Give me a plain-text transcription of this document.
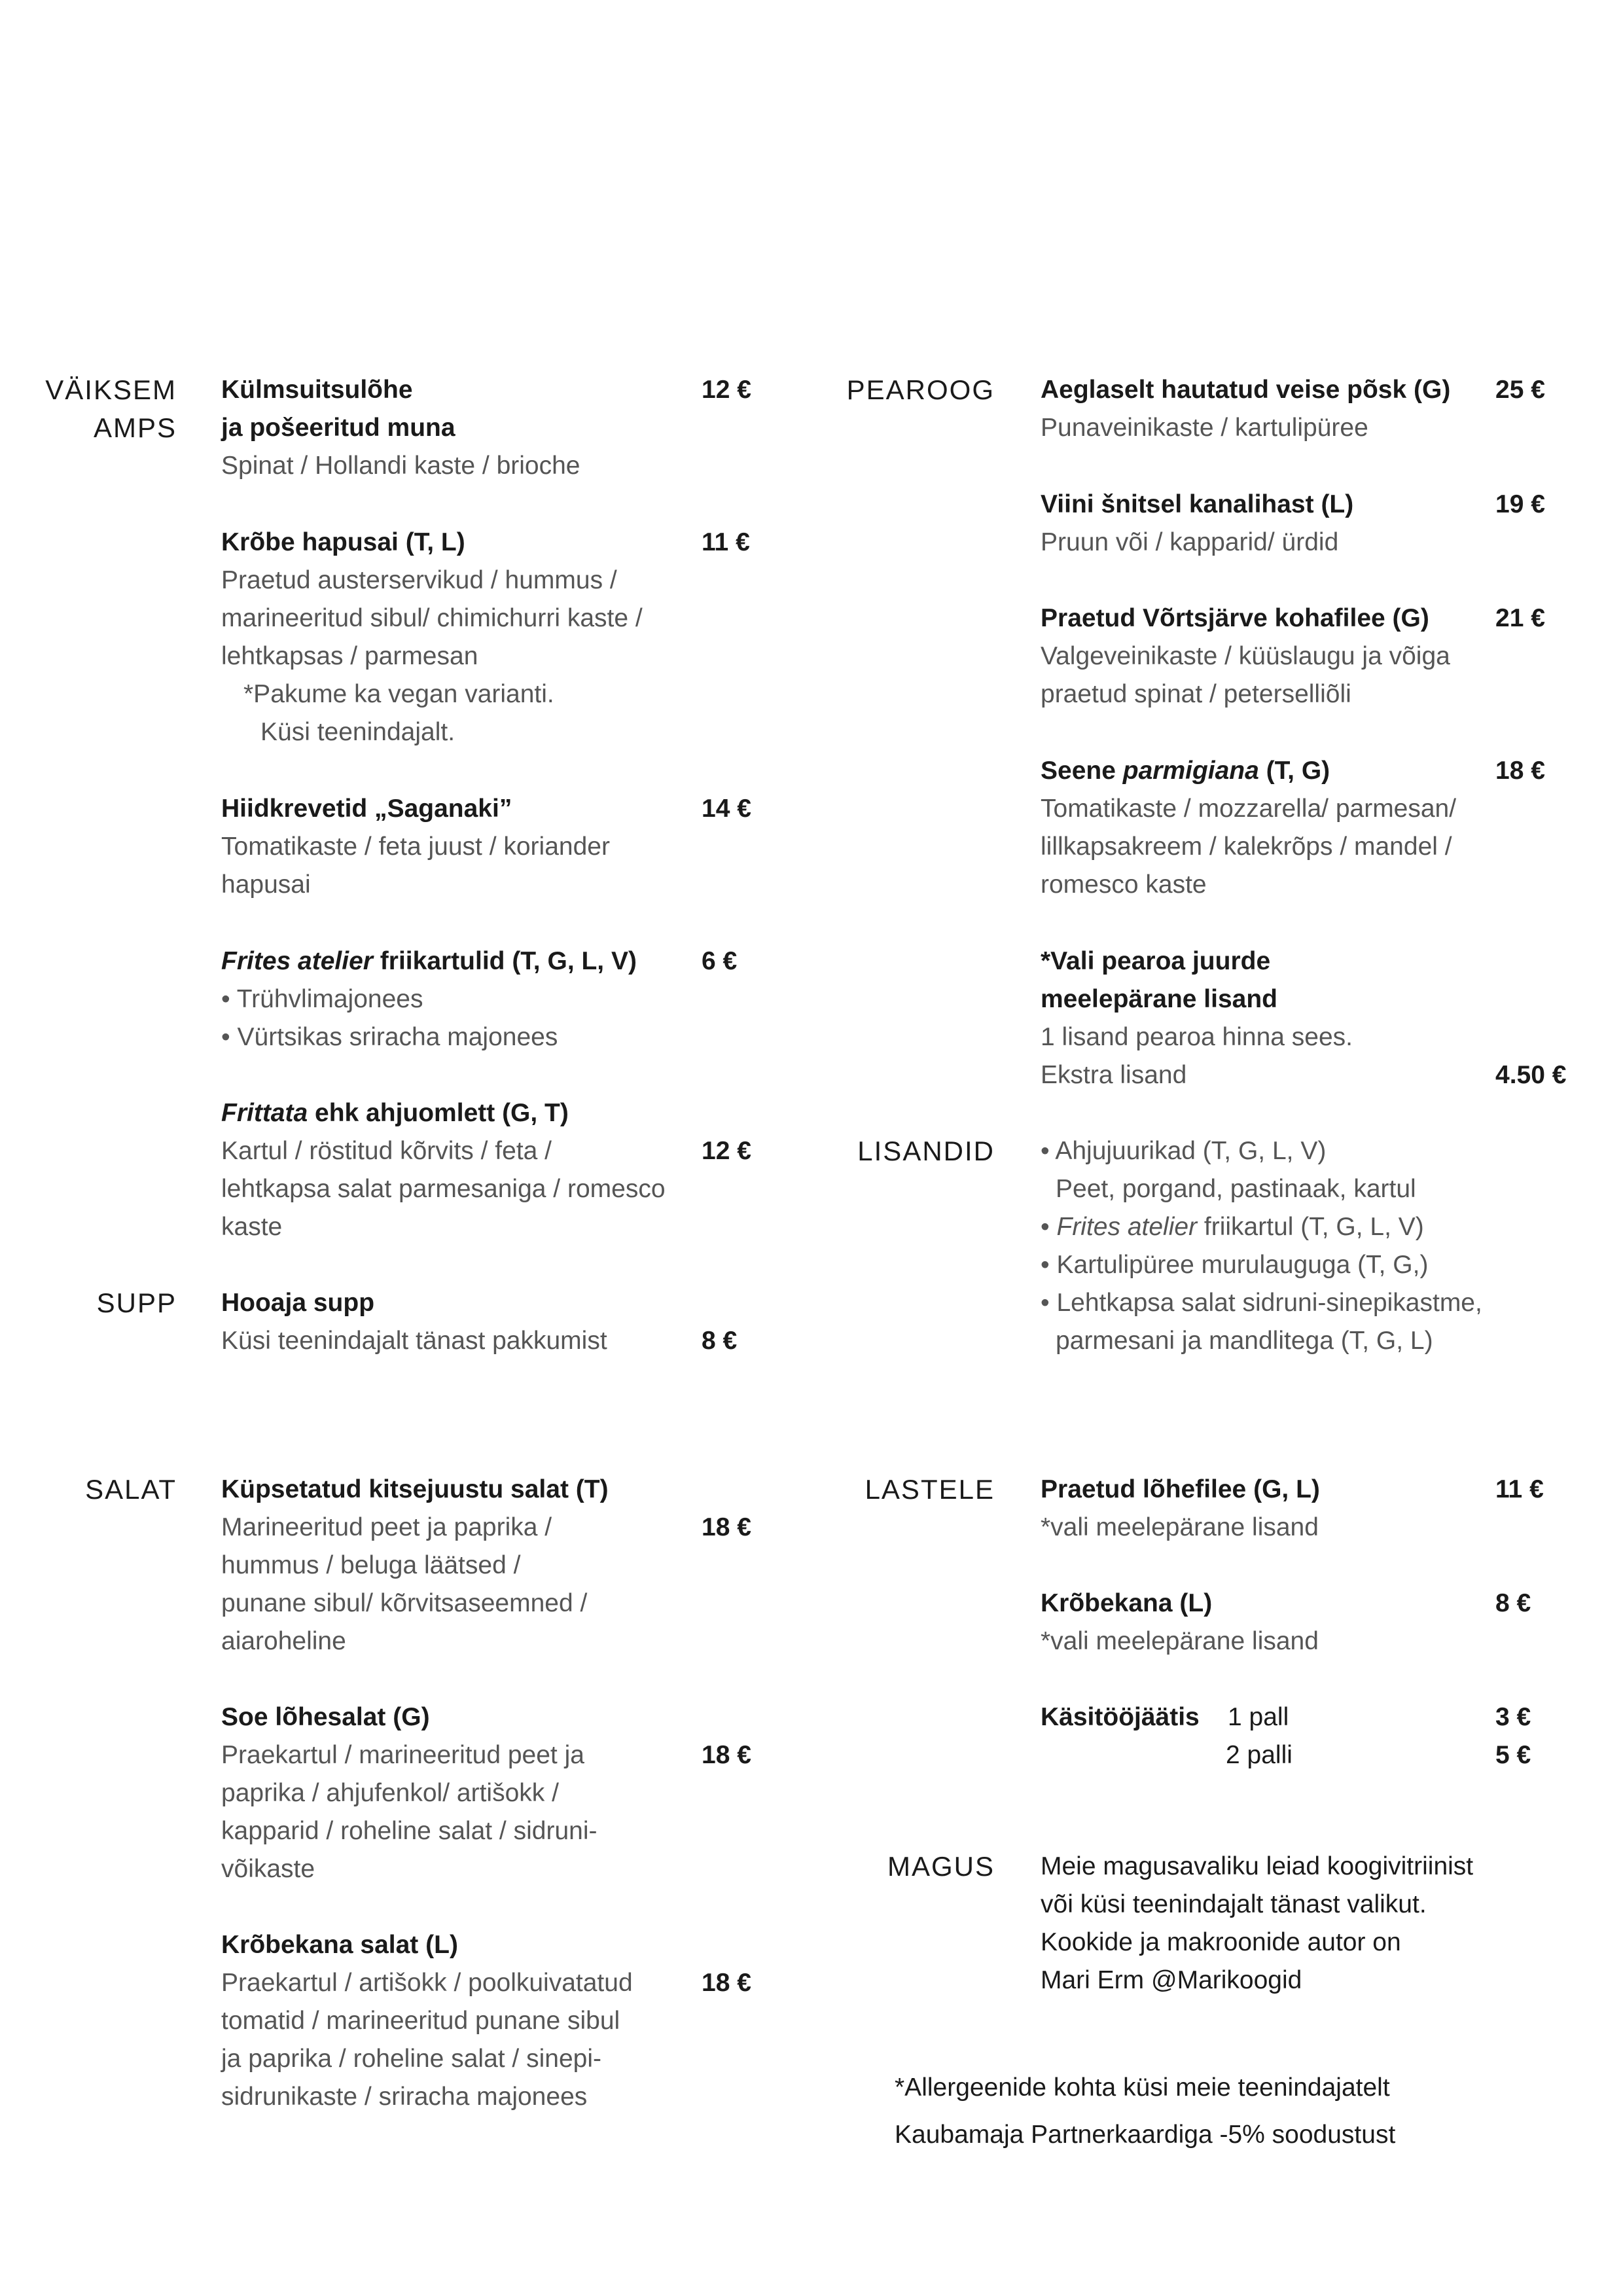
VÄIKSEM
AMPS
Külmsuitsulõhe
ja pošeeritud muna
Spinat / Hollandi kaste / brioche
12 €
Krõbe hapusai (T, L)
Praetud austerservikud / hummus /
marineeritud sibul/ chimichurri kaste /
lehtkapsas / parmesan
*Pakume ka vegan varianti.
Küsi teenindajalt.
11 €
Hiidkrevetid „Saganaki”
Tomatikaste / feta juust / koriander
hapusai
14 €
Frites atelier friikartulid (T, G, L, V)
• Trühvlimajonees
• Vürtsikas sriracha majonees
6 €
Frittata ehk ahjuomlett (G, T)
Kartul / röstitud kõrvits / feta /
lehtkapsa salat parmesaniga / romesco
kaste
12 €
SUPP Hooaja supp
Küsi teenindajalt tänast pakkumist	8 €
SALAT Küpsetatud kitsejuustu salat (T)
Marineeritud peet ja paprika /
hummus / beluga läätsed /
punane sibul/ kõrvitsaseemned /
aiaroheline
18 €
Soe lõhesalat (G)
Praekartul / marineeritud peet ja
paprika / ahjufenkol/ artišokk /
kapparid / roheline salat / sidruni-
võikaste
18 €
Krõbekana salat (L)
Praekartul / artišokk / poolkuivatatud
tomatid / marineeritud punane sibul
ja paprika / roheline salat / sinepi-
sidrunikaste / sriracha majonees
18 €
PEAROOG Aeglaselt hautatud veise põsk (G)
Punaveinikaste / kartulipüree
25 €
Viini šnitsel kanalihast (L)
Pruun või / kapparid/ ürdid
19 €
Praetud Võrtsjärve kohafilee (G)
Valgeveinikaste / küüslaugu ja võiga
praetud spinat / peterselliõli
21 €
Seene parmigiana (T, G)
Tomatikaste / mozzarella/ parmesan/
lillkapsakreem / kalekrõps / mandel /
romesco kaste
18 €
*Vali pearoa juurde
meelepärane lisand
1 lisand pearoa hinna sees.
Ekstra lisand	4.50 €
LISANDID • Ahjujuurikad (T, G, L, V)
Peet, porgand, pastinaak, kartul
• Frites atelier friikartul (T, G, L, V)
• Kartulipüree murulauguga (T, G,)
• Lehtkapsa salat sidruni-sinepikastme,
parmesani ja mandlitega (T, G, L)
LASTELE Praetud lõhefilee (G, L)
*vali meelepärane lisand
11 €
Krõbekana (L)
*vali meelepärane lisand
8 €
Käsitööjäätis 1 pall
2 palli
3 €
5 €
MAGUS Meie magusavaliku leiad koogivitriinist
või küsi teenindajalt tänast valikut.
Kookide ja makroonide autor on
Mari Erm @Marikoogid
*Allergeenide kohta küsi meie teenindajatelt
Kaubamaja Partnerkaardiga -5% soodustust
